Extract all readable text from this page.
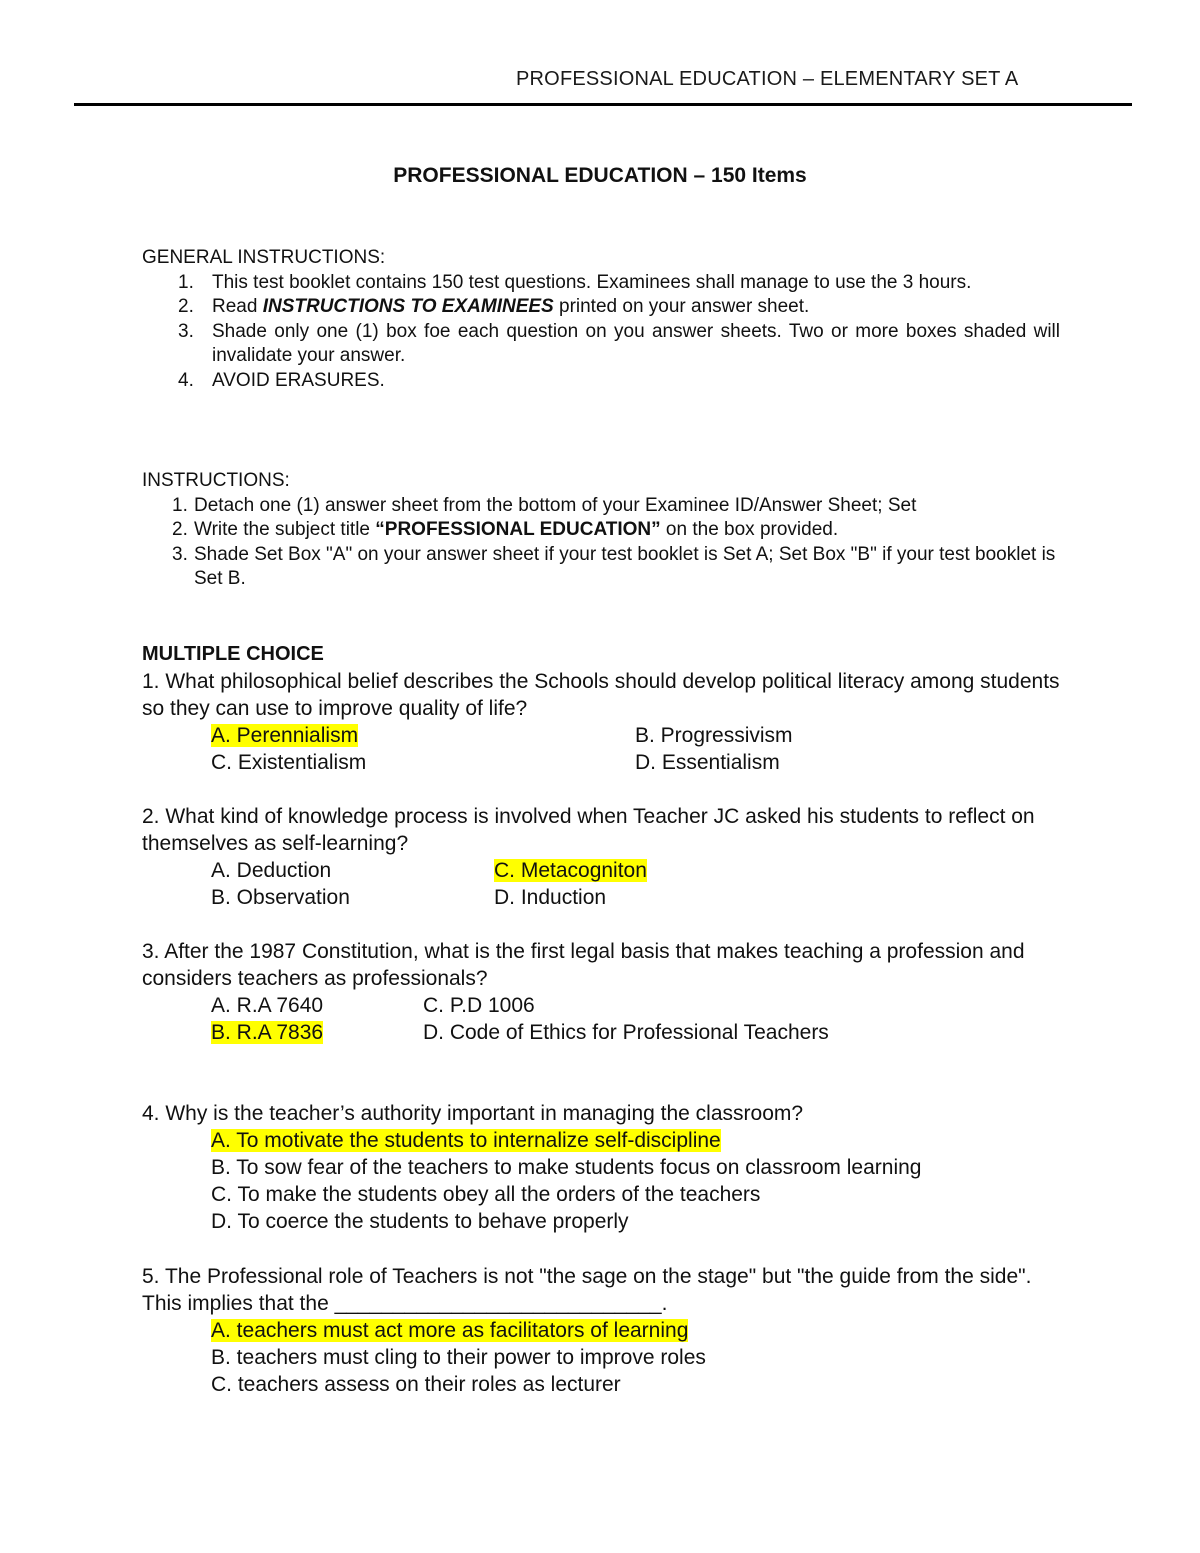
PROFESSIONAL EDUCATION – ELEMENTARY SET A
PROFESSIONAL EDUCATION – 150 Items
GENERAL INSTRUCTIONS:
1. This test booklet contains 150 test questions. Examinees shall manage to use the 3 hours.
2. Read INSTRUCTIONS TO EXAMINEES printed on your answer sheet.
3. Shade only one (1) box foe each question on you answer sheets. Two or more boxes shaded will invalidate your answer.
4. AVOID ERASURES.
INSTRUCTIONS:
1. Detach one (1) answer sheet from the bottom of your Examinee ID/Answer Sheet; Set
2. Write the subject title “PROFESSIONAL EDUCATION” on the box provided.
3. Shade Set Box "A" on your answer sheet if your test booklet is Set A; Set Box "B" if your test booklet is Set B.
MULTIPLE CHOICE
1. What philosophical belief describes the Schools should develop political literacy among students so they can use to improve quality of life?
A. Perennialism	B. Progressivism
C. Existentialism	D. Essentialism
2. What kind of knowledge process is involved when Teacher JC asked his students to reflect on themselves as self-learning?
A. Deduction	C. Metacogniton
B. Observation	D. Induction
3. After the 1987 Constitution, what is the first legal basis that makes teaching a profession and considers teachers as professionals?
A. R.A 7640	C. P.D 1006
B. R.A 7836	D. Code of Ethics for Professional Teachers
4. Why is the teacher’s authority important in managing the classroom?
A. To motivate the students to internalize self-discipline
B. To sow fear of the teachers to make students focus on classroom learning
C. To make the students obey all the orders of the teachers
D. To coerce the students to behave properly
5. The Professional role of Teachers is not "the sage on the stage" but "the guide from the side". This implies that the ____________________________.
A. teachers must act more as facilitators of learning
B. teachers must cling to their power to improve roles
C. teachers assess on their roles as lecturer
